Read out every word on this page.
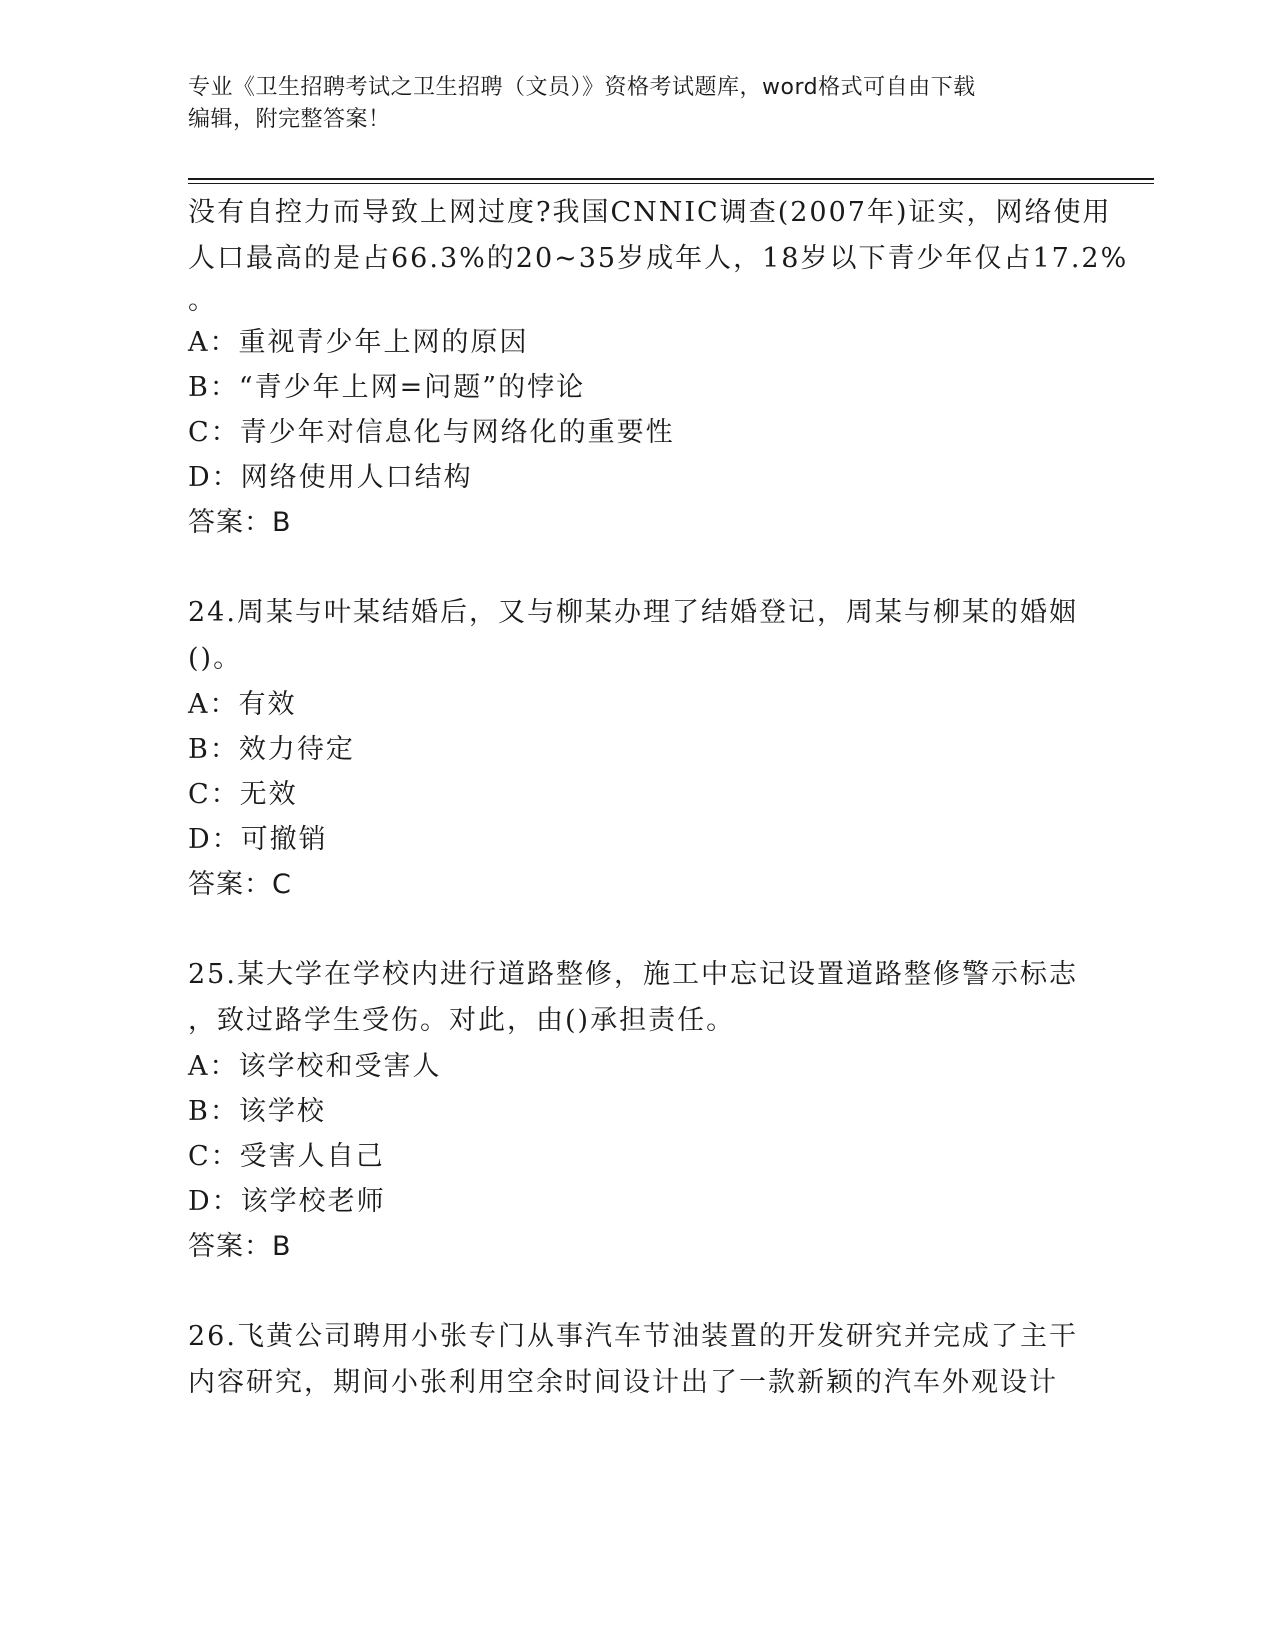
专业《卫生招聘考试之卫生招聘（文员）》资格考试题库，word格式可自由下载
编辑，附完整答案！
没有自控力而导致上网过度?我国CNNIC调查(2007年)证实，网络使用
人口最高的是占66.3%的20~35岁成年人，18岁以下青少年仅占17.2%
。
A：重视青少年上网的原因
B：“青少年上网=问题”的悖论
C：青少年对信息化与网络化的重要性
D：网络使用人口结构
答案：B
24.周某与叶某结婚后，又与柳某办理了结婚登记，周某与柳某的婚姻
()。
A：有效
B：效力待定
C：无效
D：可撤销
答案：C
25.某大学在学校内进行道路整修，施工中忘记设置道路整修警示标志
，致过路学生受伤。对此，由()承担责任。
A：该学校和受害人
B：该学校
C：受害人自己
D：该学校老师
答案：B
26.飞黄公司聘用小张专门从事汽车节油装置的开发研究并完成了主干
内容研究，期间小张利用空余时间设计出了一款新颖的汽车外观设计
